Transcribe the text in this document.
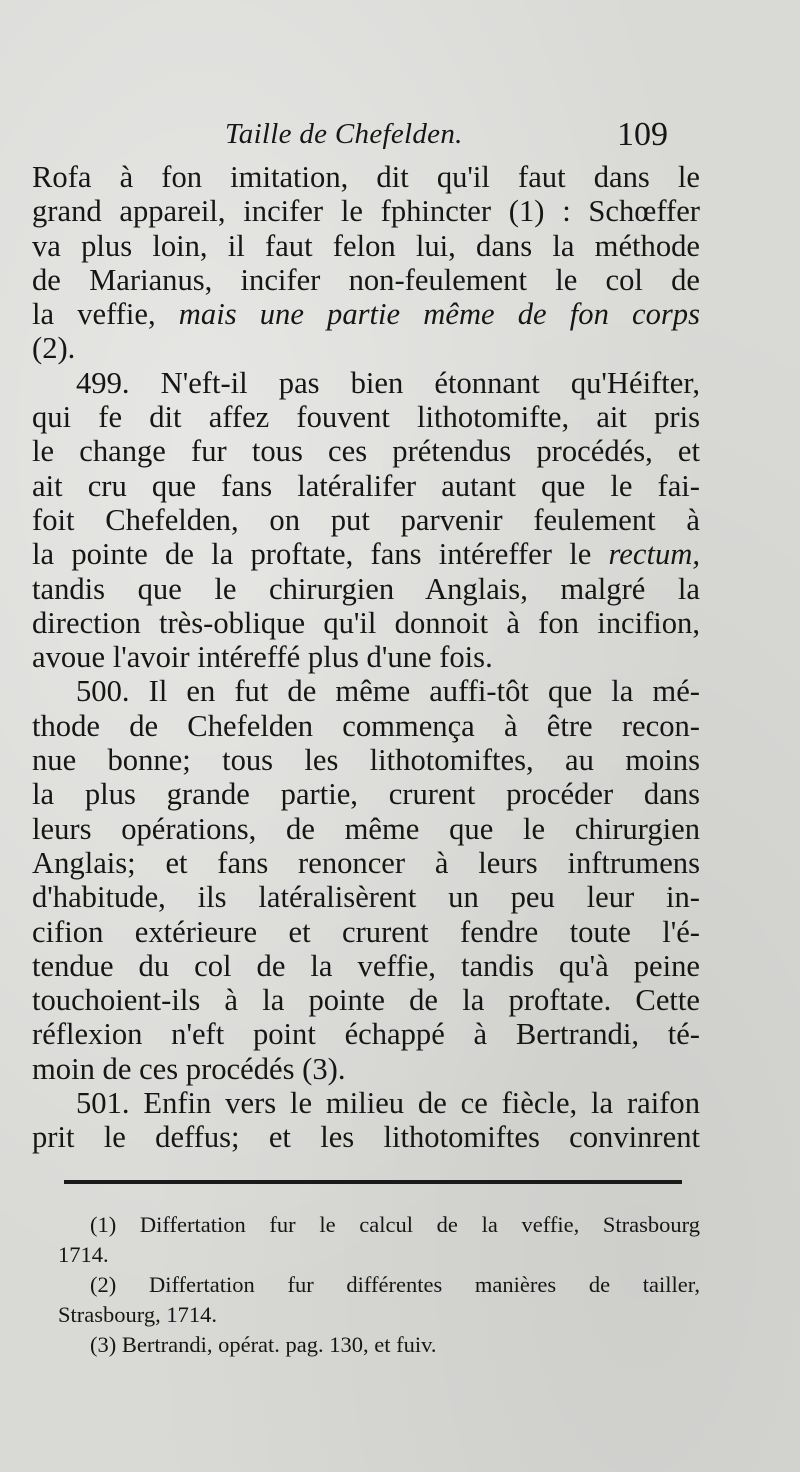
Taille de Chefelden.	109
Rofa à fon imitation, dit qu'il faut dans le
grand appareil, incifer le fphincter (1) : Schœffer
va plus loin, il faut felon lui, dans la méthode
de Marianus, incifer non-feulement le col de
la veffie, mais une partie même de fon corps
(2).
499. N'eft-il pas bien étonnant qu'Héifter,
qui fe dit affez fouvent lithotomifte, ait pris
le change fur tous ces prétendus procédés, et
ait cru que fans latéralifer autant que le fai-
foit Chefelden, on put parvenir feulement à
la pointe de la proftate, fans intéreffer le rectum,
tandis que le chirurgien Anglais, malgré la
direction très-oblique qu'il donnoit à fon incifion,
avoue l'avoir intéreffé plus d'une fois.
500. Il en fut de même auffi-tôt que la mé-
thode de Chefelden commença à être recon-
nue bonne; tous les lithotomiftes, au moins
la plus grande partie, crurent procéder dans
leurs opérations, de même que le chirurgien
Anglais; et fans renoncer à leurs inftrumens
d'habitude, ils latéralisèrent un peu leur in-
cifion extérieure et crurent fendre toute l'é-
tendue du col de la veffie, tandis qu'à peine
touchoient-ils à la pointe de la proftate. Cette
réflexion n'eft point échappé à Bertrandi, té-
moin de ces procédés (3).
501. Enfin vers le milieu de ce fiècle, la raifon
prit le deffus; et les lithotomiftes convinrent
(1) Differtation fur le calcul de la veffie, Strasbourg
1714.
(2) Differtation fur différentes manières de tailler,
Strasbourg, 1714.
(3) Bertrandi, opérat. pag. 130, et fuiv.
